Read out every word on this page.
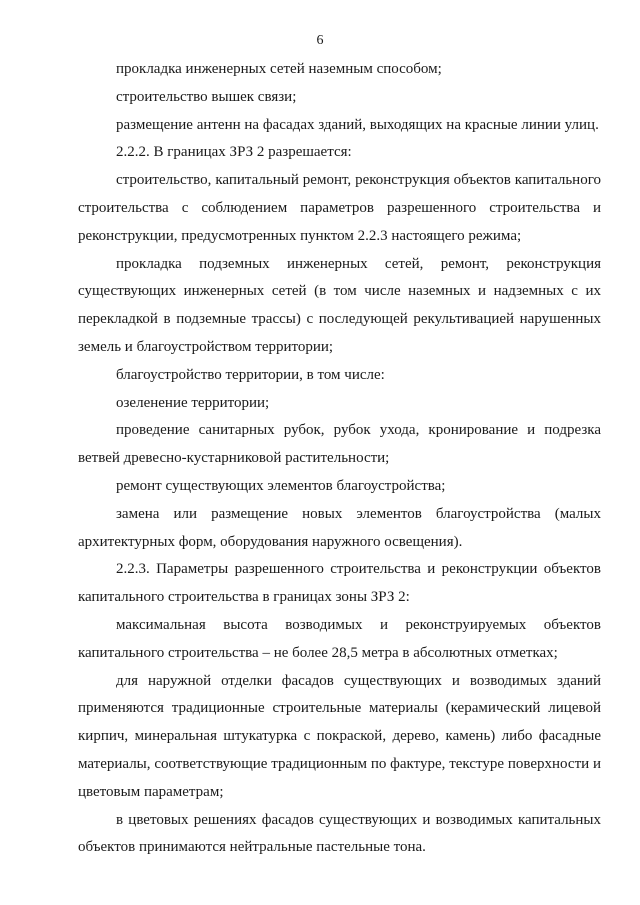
6

прокладка инженерных сетей наземным способом;

строительство вышек связи;

размещение антенн на фасадах зданий, выходящих на красные линии улиц.

2.2.2. В границах ЗРЗ 2 разрешается:

строительство, капитальный ремонт, реконструкция объектов капитального строительства с соблюдением параметров разрешенного строительства и реконструкции, предусмотренных пунктом 2.2.3 настоящего режима;

прокладка подземных инженерных сетей, ремонт, реконструкция существующих инженерных сетей (в том числе наземных и надземных с их перекладкой в подземные трассы) с последующей рекультивацией нарушенных земель и благоустройством территории;

благоустройство территории, в том числе:

озеленение территории;

проведение санитарных рубок, рубок ухода, кронирование и подрезка ветвей древесно-кустарниковой растительности;

ремонт существующих элементов благоустройства;

замена или размещение новых элементов благоустройства (малых архитектурных форм, оборудования наружного освещения).

2.2.3. Параметры разрешенного строительства и реконструкции объектов капитального строительства в границах зоны ЗРЗ 2:

максимальная высота возводимых и реконструируемых объектов капитального строительства – не более 28,5 метра в абсолютных отметках;

для наружной отделки фасадов существующих и возводимых зданий применяются традиционные строительные материалы (керамический лицевой кирпич, минеральная штукатурка с покраской, дерево, камень) либо фасадные материалы, соответствующие традиционным по фактуре, текстуре поверхности и цветовым параметрам;

в цветовых решениях фасадов существующих и возводимых капитальных объектов принимаются нейтральные пастельные тона.
